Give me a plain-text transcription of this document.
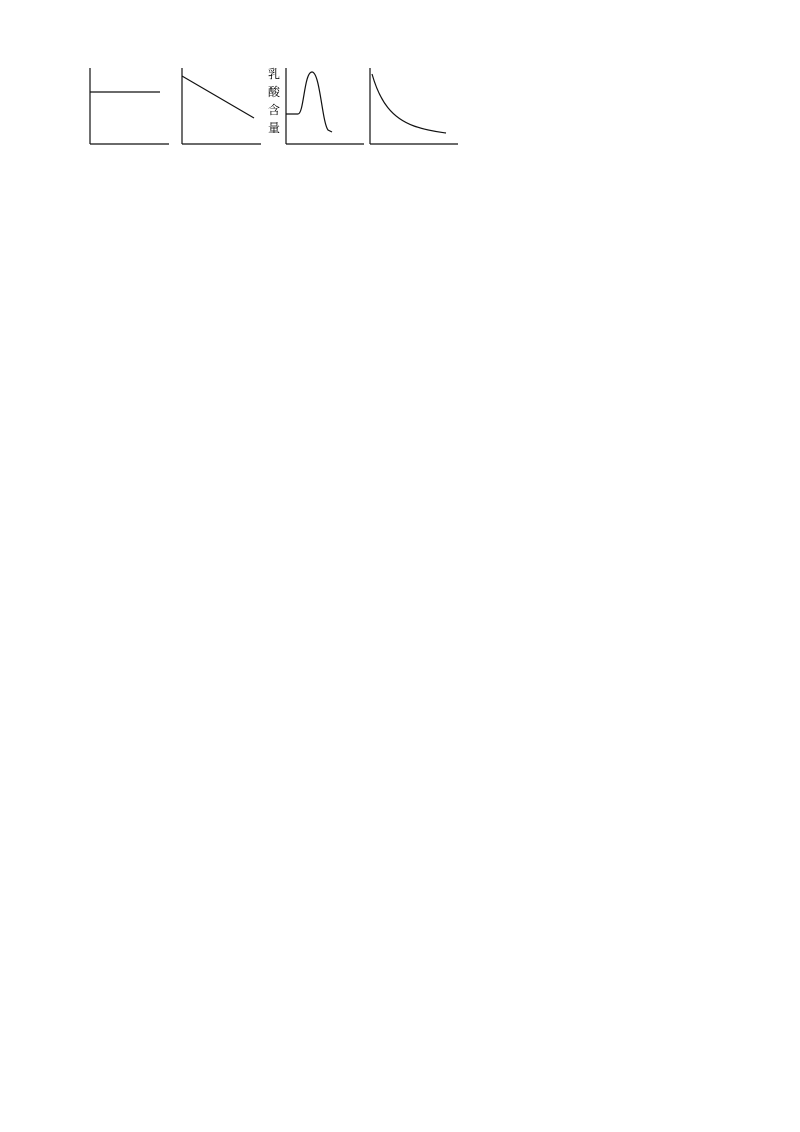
乳酸含量
